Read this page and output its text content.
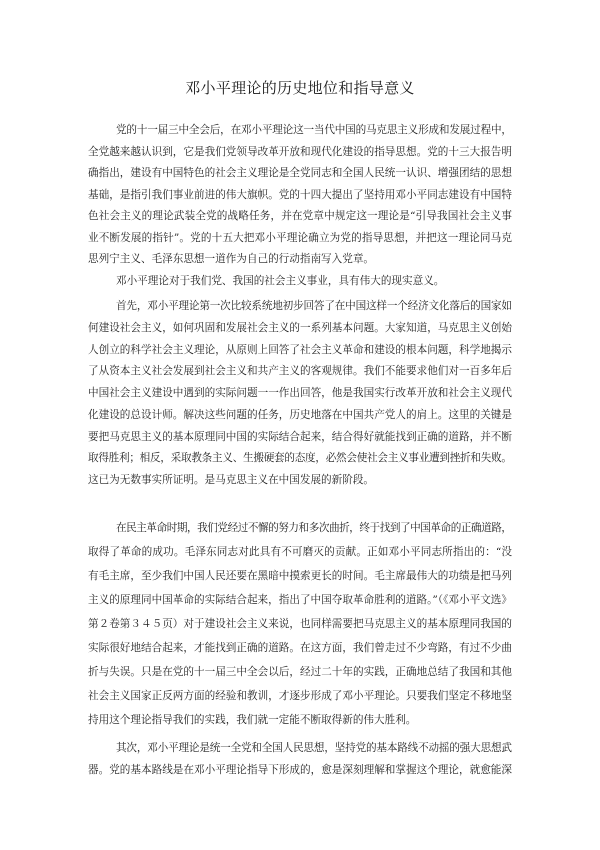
邓小平理论的历史地位和指导意义
党的十一届三中全会后，在邓小平理论这一当代中国的马克思主义形成和发展过程中，
全党越来越认识到，它是我们党领导改革开放和现代化建设的指导思想。党的十三大报告明
确指出，建设有中国特色的社会主义理论是全党同志和全国人民统一认识、增强团结的思想
基础，是指引我们事业前进的伟大旗帜。党的十四大提出了坚持用邓小平同志建设有中国特
色社会主义的理论武装全党的战略任务，并在党章中规定这一理论是“引导我国社会主义事
业不断发展的指针”。党的十五大把邓小平理论确立为党的指导思想，并把这一理论同马克
思列宁主义、毛泽东思想一道作为自己的行动指南写入党章。
邓小平理论对于我们党、我国的社会主义事业，具有伟大的现实意义。
首先，邓小平理论第一次比较系统地初步回答了在中国这样一个经济文化落后的国家如
何建设社会主义，如何巩固和发展社会主义的一系列基本问题。大家知道，马克思主义创始
人创立的科学社会主义理论，从原则上回答了社会主义革命和建设的根本问题，科学地揭示
了从资本主义社会发展到社会主义和共产主义的客观规律。我们不能要求他们对一百多年后
中国社会主义建设中遇到的实际问题一一作出回答，他是我国实行改革开放和社会主义现代
化建设的总设计师。解决这些问题的任务，历史地落在中国共产党人的肩上。这里的关键是
要把马克思主义的基本原理同中国的实际结合起来，结合得好就能找到正确的道路，并不断
取得胜利；相反，采取教条主义、生搬硬套的态度，必然会使社会主义事业遭到挫折和失败。
这已为无数事实所证明。是马克思主义在中国发展的新阶段。
在民主革命时期，我们党经过不懈的努力和多次曲折，终于找到了中国革命的正确道路，
取得了革命的成功。毛泽东同志对此具有不可磨灭的贡献。正如邓小平同志所指出的：“没
有毛主席，至少我们中国人民还要在黑暗中摸索更长的时间。毛主席最伟大的功绩是把马列
主义的原理同中国革命的实际结合起来，指出了中国夺取革命胜利的道路。”（《邓小平文选》
第２卷第３４５页）对于建设社会主义来说，也同样需要把马克思主义的基本原理同我国的
实际很好地结合起来，才能找到正确的道路。在这方面，我们曾走过不少弯路，有过不少曲
折与失误。只是在党的十一届三中全会以后，经过二十年的实践，正确地总结了我国和其他
社会主义国家正反两方面的经验和教训，才逐步形成了邓小平理论。只要我们坚定不移地坚
持用这个理论指导我们的实践，我们就一定能不断取得新的伟大胜利。
其次，邓小平理论是统一全党和全国人民思想，坚持党的基本路线不动摇的强大思想武
器。党的基本路线是在邓小平理论指导下形成的，愈是深刻理解和掌握这个理论，就愈能深
